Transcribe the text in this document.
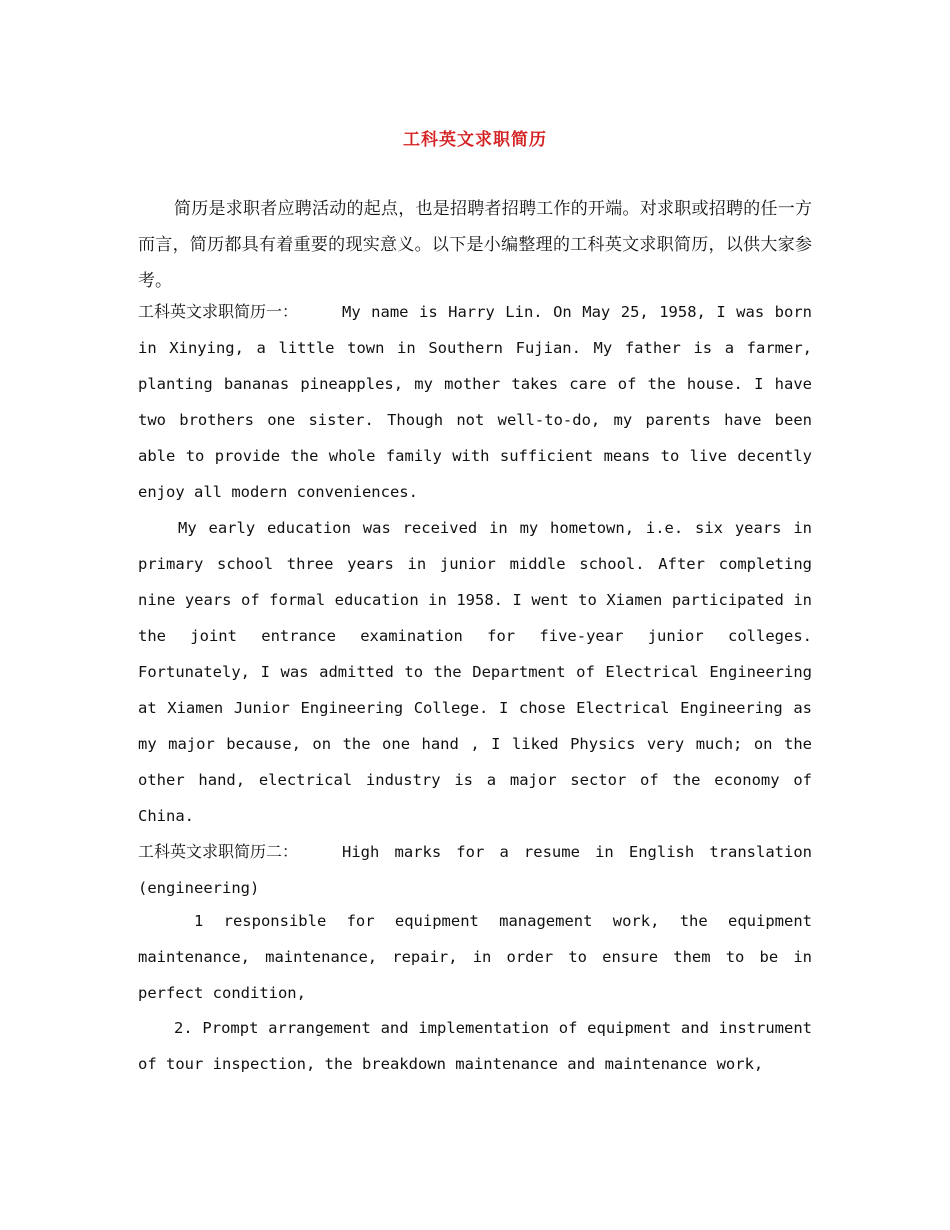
工科英文求职简历

简历是求职者应聘活动的起点，也是招聘者招聘工作的开端。对求职或招聘的任一方而言，简历都具有着重要的现实意义。以下是小编整理的工科英文求职简历，以供大家参考。

工科英文求职简历一：	My name is Harry Lin. On May 25, 1958, I was born in Xinying, a little town in Southern Fujian. My father is a farmer, planting bananas pineapples, my mother takes care of the house. I have two brothers one sister. Though not well-to-do, my parents have been able to provide the whole family with sufficient means to live decently enjoy all modern conveniences.

My early education was received in my hometown, i.e. six years in primary school three years in junior middle school. After completing nine years of formal education in 1958. I went to Xiamen participated in the joint entrance examination for five-year junior colleges. Fortunately, I was admitted to the Department of Electrical Engineering at Xiamen Junior Engineering College. I chose Electrical Engineering as my major because, on the one hand , I liked Physics very much; on the other hand, electrical industry is a major sector of the economy of China.

工科英文求职简历二：	High marks for a resume in English translation (engineering)

1 responsible for equipment management work, the equipment maintenance, maintenance, repair, in order to ensure them to be in perfect condition,

2. Prompt arrangement and implementation of equipment and instrument of tour inspection, the breakdown maintenance and maintenance work,
